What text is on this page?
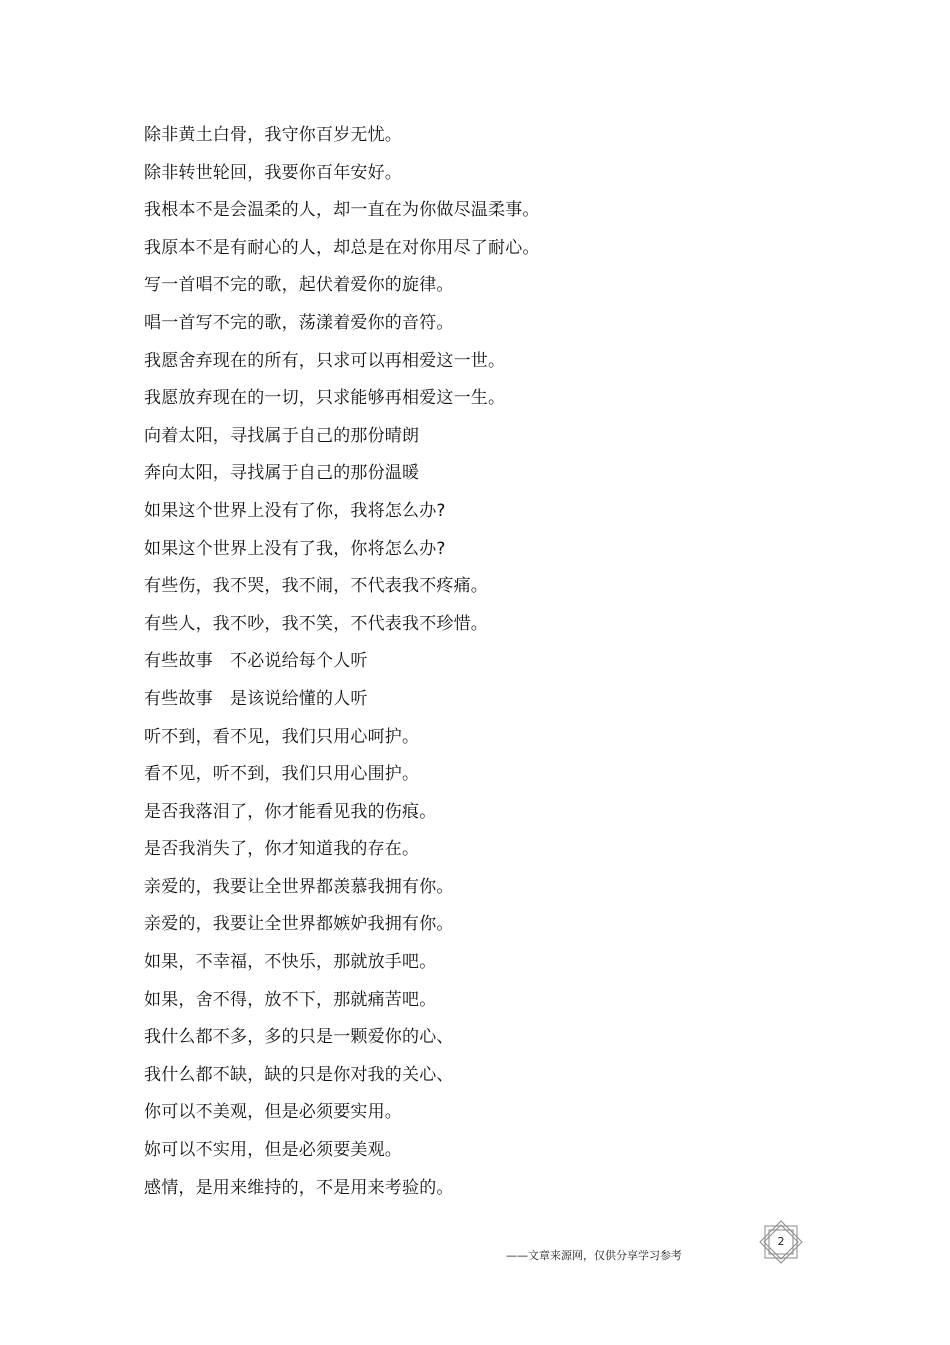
除非黄土白骨，我守你百岁无忧。
除非转世轮回，我要你百年安好。
我根本不是会温柔的人，却一直在为你做尽温柔事。
我原本不是有耐心的人，却总是在对你用尽了耐心。
写一首唱不完的歌，起伏着爱你的旋律。
唱一首写不完的歌，荡漾着爱你的音符。
我愿舍弃现在的所有，只求可以再相爱这一世。
我愿放弃现在的一切，只求能够再相爱这一生。
向着太阳，寻找属于自己的那份晴朗
奔向太阳，寻找属于自己的那份温暖
如果这个世界上没有了你，我将怎么办?
如果这个世界上没有了我，你将怎么办?
有些伤，我不哭，我不闹，不代表我不疼痛。
有些人，我不吵，我不笑，不代表我不珍惜。
有些故事　不必说给每个人听
有些故事　是该说给懂的人听
听不到，看不见，我们只用心呵护。
看不见，听不到，我们只用心围护。
是否我落泪了，你才能看见我的伤痕。
是否我消失了，你才知道我的存在。
亲爱的，我要让全世界都羡慕我拥有你。
亲爱的，我要让全世界都嫉妒我拥有你。
如果，不幸福，不快乐，那就放手吧。
如果，舍不得，放不下，那就痛苦吧。
我什么都不多，多的只是一颗爱你的心、
我什么都不缺，缺的只是你对我的关心、
你可以不美观，但是必须要实用。
妳可以不实用，但是必须要美观。
感情，是用来维持的，不是用来考验的。
——文章来源网，仅供分享学习参考
2
